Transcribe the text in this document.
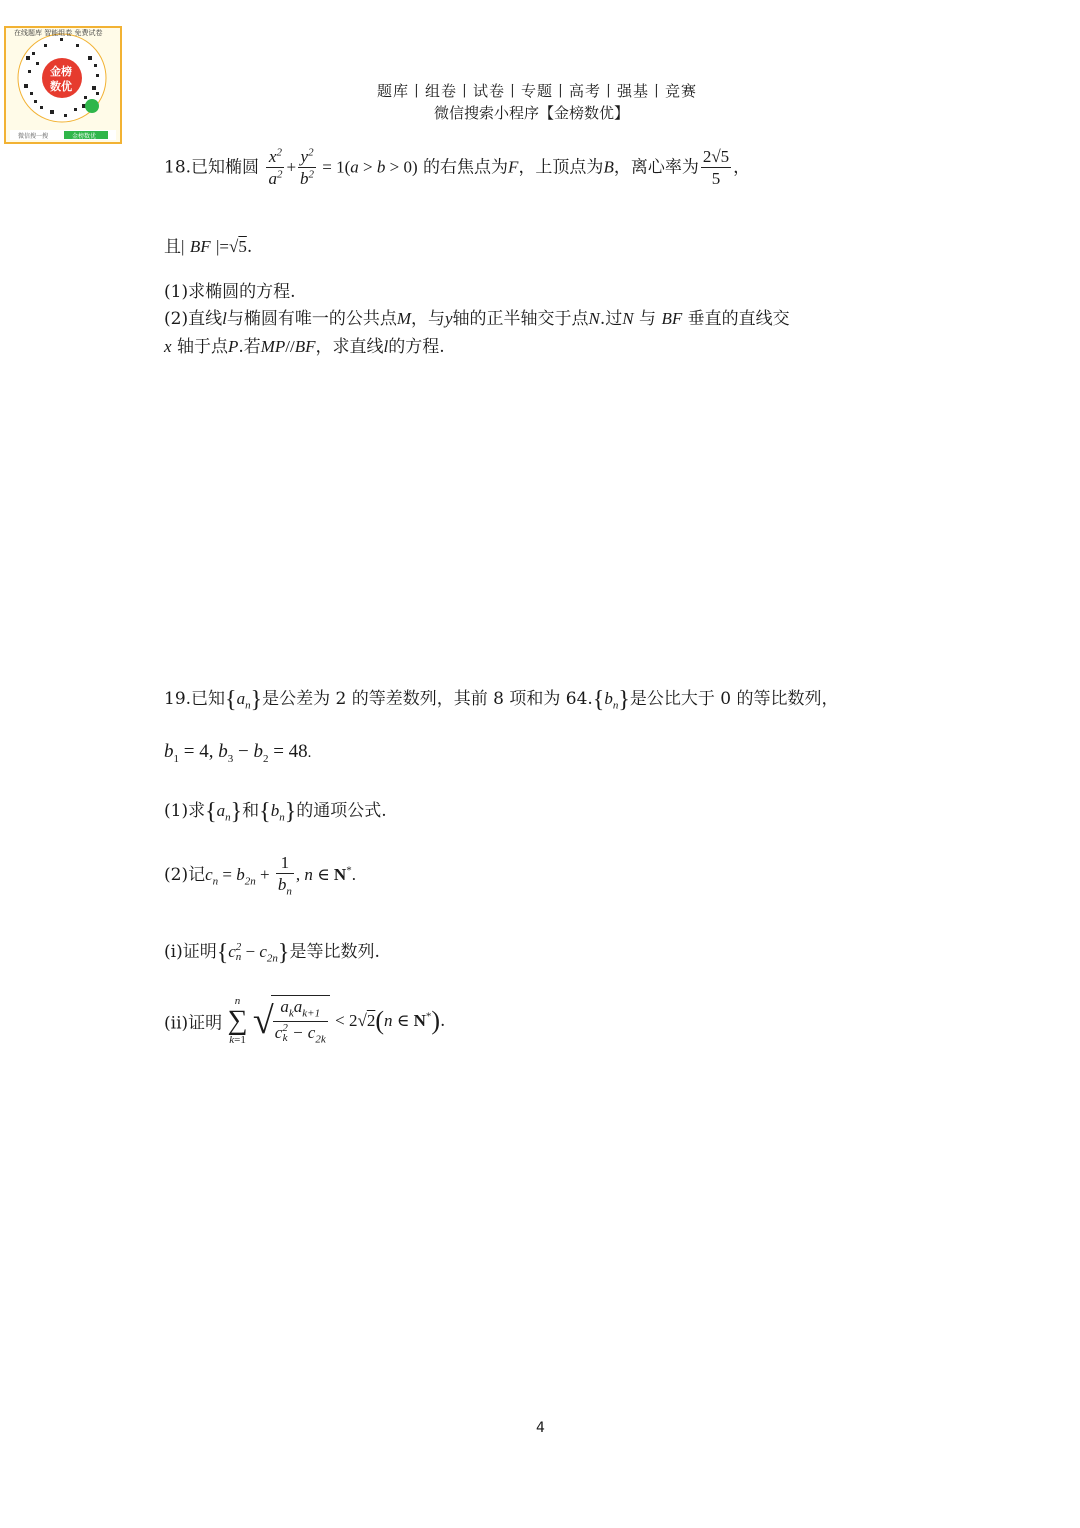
金榜
数优
在线题库 智能组卷 免费试卷
微信搜一搜	金榜数优
题库丨组卷丨试卷丨专题丨高考丨强基丨竞赛
微信搜索小程序【金榜数优】
18.已知椭圆 $\frac{x^2}{a^2} + \frac{y^2}{b^2} = 1(a > b > 0)$ 的右焦点为F，上顶点为B，离心率为 $\frac{2√5}{5}$ ，
且| BF |=√5.
(1)求椭圆的方程.
(2)直线l与椭圆有唯一的公共点M，与y轴的正半轴交于点N.过N 与 BF 垂直的直线交
x 轴于点P.若MP//BF，求直线l的方程.
19.已知$\{a_n\}$是公差为 2 的等差数列，其前 8 项和为 $64.\{b_n\}$是公比大于 0 的等比数列，
$b_1 = 4$, $b_3 - b_2 = 48$.
(1)求$\{a_n\}$和$\{b_n\}$的通项公式.
(2)记$c_n = b_{2n} + \frac{1}{b_n}$ , n ∈ N*.
(i)证明{c 2
$n - c_{2n}$}是等比数列.
(ii)证明
n
∑
k=1 √ $a_ka_{k+1}$
c 2
$k - c_{2k} < 2√2(n$ ∈ N*).
4
